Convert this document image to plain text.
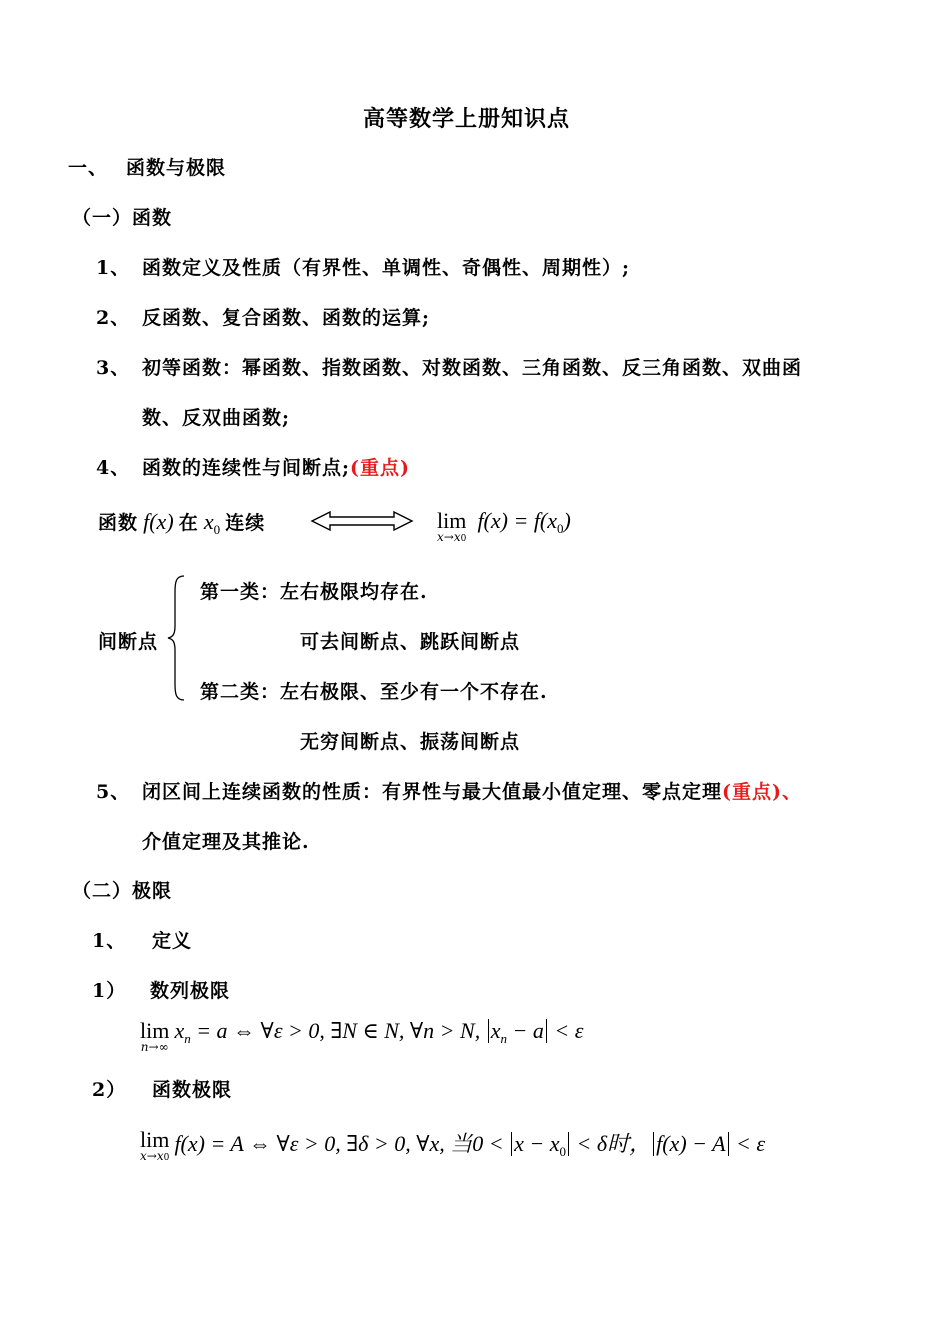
高等数学上册知识点
一、 函数与极限
（一）函数
1、 函数定义及性质（有界性、单调性、奇偶性、周期性）;
2、 反函数、复合函数、函数的运算;
3、 初等函数：幂函数、指数函数、对数函数、三角函数、反三角函数、双曲函
数、反双曲函数;
4、 函数的连续性与间断点;(重点)
函数 f(x) 在 $x_0$ 连续	lim
x→x0
$f(x) = f(x_0)$
间断点
第一类：左右极限均存在.
可去间断点、跳跃间断点
第二类：左右极限、至少有一个不存在.
无穷间断点、振荡间断点
5、 闭区间上连续函数的性质：有界性与最大值最小值定理、零点定理(重点)、
介值定理及其推论.
（二）极限
1、 定义
1） 数列极限
lim
n→∞
$x_n = a$ ⇔ ∀ε > 0, ∃N ∈ N, ∀n > N, $x_n - a < \varepsilon$
2） 函数极限
lim
x→x0
f(x) = A ⇔ ∀ε > 0, ∃δ > 0, ∀x, 当$0 < x - x_0 < \delta$时， f(x) − A < ε
